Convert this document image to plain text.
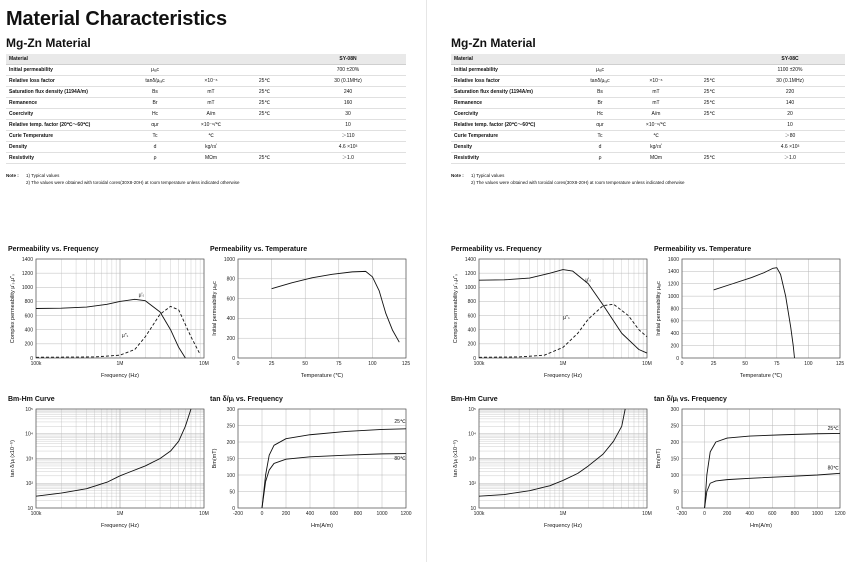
Material Characteristics
Mg-Zn Material
Material				SY-08N
Initial permeability	μᵢₐc			700 ±20%
Relative loss factor	tanδ/μᵢₐc	×10⁻⁶	25℃	30 (0.1MHz)
Saturation flux density (1194A/m)	Bs	mT	25℃	240
Remanence	Br	mT	25℃	160
Coercivity	Hc	A/m	25℃	30
Relative temp. factor (20℃～60℃)	αμr	×10⁻⁶/℃		10
Curie Temperature	Tc	℃		＞110
Density	d	kg/㎥		4.6 ×10³
Resistivity	ρ	MΩm	25℃	＞1.0
Note :	1) Typical values
2) The values were obtained with toroidal cores(30X8-20H) at room temperature unless indicated otherwise
Mg-Zn Material
Material				SY-08C
Initial permeability	μᵢₐc			1100 ±20%
Relative loss factor	tanδ/μᵢₐc	×10⁻⁶	25℃	30 (0.1MHz)
Saturation flux density (1194A/m)	Bs	mT	25℃	220
Remanence	Br	mT	25℃	140
Coercivity	Hc	A/m	25℃	20
Relative temp. factor (20℃～60℃)	αμr	×10⁻⁶/℃		10
Curie Temperature	Tc	℃		＞80
Density	d	kg/㎥		4.6 ×10³
Resistivity	ρ	MΩm	25℃	＞1.0
Note :	1) Typical values
2) The values were obtained with toroidal cores(30X8-20H) at room temperature unless indicated otherwise
Permeability vs. Frequency
100k	1M	10M
0
200
400
600
800
1000
1200
1400
Frequency (Hz)
Complex permeability μ'ₛ,μ"ₛ	μ'ₛ
μ"ₛ
Permeability vs. Temperature
0	25	50	75	100	125
0
200
400
600
800
1000
Temperature (℃)
Initial permeability μᵢₐc
Bm-Hm Curve
100k	1M	10M
10
10²
10³
10⁴
10⁵
Frequency (Hz)
tan δ/μᵢ (x10⁻⁶)
tan δ/μᵢ vs. Frequency
-200	0	200	400	600	800	1000	1200
0
50
100
150
200
250
300
Hm(A/m)
Bm(mT)
25℃
80℃
Permeability vs. Frequency
100k	1M	10M
0
200
400
600
800
1000
1200
1400
Frequency (Hz)
Complex permeability μ'ₛ,μ"ₛ	μ'ₛ
μ"ₛ
Permeability vs. Temperature
0	25	50	75	100	125
0
200
400
600
800
1000
1200
1400
1600
Temperature (℃)
Initial permeability μᵢₐc
Bm-Hm Curve
100k	1M	10M
10
10²
10³
10⁴
10⁵
Frequency (Hz)
tan δ/μᵢ (x10⁻⁶)
tan δ/μᵢ vs. Frequency
-200	0	200	400	600	800	1000 1200
0
50
100
150
200
250
300
Hm(A/m)
Bm(mT)
25℃
80℃
